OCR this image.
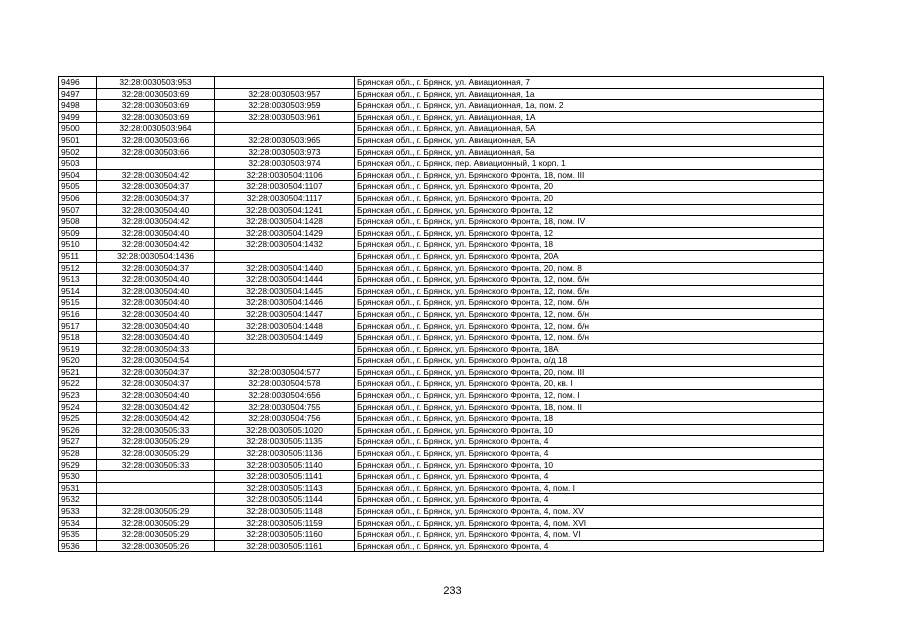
9496	32:28:0030503:953		Брянская обл., г. Брянск, ул. Авиационная, 7
9497	32:28:0030503:69	32:28:0030503:957	Брянская обл., г. Брянск, ул. Авиационная, 1а
9498	32:28:0030503:69	32:28:0030503:959	Брянская обл., г. Брянск, ул. Авиационная, 1а, пом. 2
9499	32:28:0030503:69	32:28:0030503:961	Брянская обл., г. Брянск, ул. Авиационная, 1А
9500	32:28:0030503:964		Брянская обл., г. Брянск, ул. Авиационная, 5А
9501	32:28:0030503:66	32:28:0030503:965	Брянская обл., г. Брянск, ул. Авиационная, 5А
9502	32:28:0030503:66	32:28:0030503:973	Брянская обл., г. Брянск, ул. Авиационная, 5а
9503		32:28:0030503:974	Брянская обл., г. Брянск, пер. Авиационный, 1 корп. 1
9504	32:28:0030504:42	32:28:0030504:1106	Брянская обл., г. Брянск, ул. Брянского Фронта, 18, пом. III
9505	32:28:0030504:37	32:28:0030504:1107	Брянская обл., г. Брянск, ул. Брянского Фронта, 20
9506	32:28:0030504:37	32:28:0030504:1117	Брянская обл., г. Брянск, ул. Брянского Фронта, 20
9507	32:28:0030504:40	32:28:0030504:1241	Брянская обл., г. Брянск, ул. Брянского Фронта, 12
9508	32:28:0030504:42	32:28:0030504:1428	Брянская обл., г. Брянск, ул. Брянского Фронта, 18, пом. IV
9509	32:28:0030504:40	32:28:0030504:1429	Брянская обл., г. Брянск, ул. Брянского Фронта, 12
9510	32:28:0030504:42	32:28:0030504:1432	Брянская обл., г. Брянск, ул. Брянского Фронта, 18
9511	32:28:0030504:1436		Брянская обл., г. Брянск, ул. Брянского Фронта, 20А
9512	32:28:0030504:37	32:28:0030504:1440	Брянская обл., г. Брянск, ул. Брянского Фронта, 20, пом. 8
9513	32:28:0030504:40	32:28:0030504:1444	Брянская обл., г. Брянск, ул. Брянского Фронта, 12, пом. б/н
9514	32:28:0030504:40	32:28:0030504:1445	Брянская обл., г. Брянск, ул. Брянского Фронта, 12, пом. б/н
9515	32:28:0030504:40	32:28:0030504:1446	Брянская обл., г. Брянск, ул. Брянского Фронта, 12, пом. б/н
9516	32:28:0030504:40	32:28:0030504:1447	Брянская обл., г. Брянск, ул. Брянского Фронта, 12, пом. б/н
9517	32:28:0030504:40	32:28:0030504:1448	Брянская обл., г. Брянск, ул. Брянского Фронта, 12, пом. б/н
9518	32:28:0030504:40	32:28:0030504:1449	Брянская обл., г. Брянск, ул. Брянского Фронта, 12, пом. б/н
9519	32:28:0030504:33		Брянская обл., г. Брянск, ул. Брянского Фронта, 18А
9520	32:28:0030504:54		Брянская обл., г. Брянск, ул. Брянского Фронта, о/д 18
9521	32:28:0030504:37	32:28:0030504:577	Брянская обл., г. Брянск, ул. Брянского Фронта, 20, пом. III
9522	32:28:0030504:37	32:28:0030504:578	Брянская обл., г. Брянск, ул. Брянского Фронта, 20, кв. I
9523	32:28:0030504:40	32:28:0030504:656	Брянская обл., г. Брянск, ул. Брянского Фронта, 12, пом. I
9524	32:28:0030504:42	32:28:0030504:755	Брянская обл., г. Брянск, ул. Брянского Фронта, 18, пом. II
9525	32:28:0030504:42	32:28:0030504:756	Брянская обл., г. Брянск, ул. Брянского Фронта, 18
9526	32:28:0030505:33	32:28:0030505:1020	Брянская обл., г. Брянск, ул. Брянского Фронта, 10
9527	32:28:0030505:29	32:28:0030505:1135	Брянская обл., г. Брянск, ул. Брянского Фронта, 4
9528	32:28:0030505:29	32:28:0030505:1136	Брянская обл., г. Брянск, ул. Брянского Фронта, 4
9529	32:28:0030505:33	32:28:0030505:1140	Брянская обл., г. Брянск, ул. Брянского Фронта, 10
9530		32:28:0030505:1141	Брянская обл., г. Брянск, ул. Брянского Фронта, 4
9531		32:28:0030505:1143	Брянская обл., г. Брянск, ул. Брянского Фронта, 4, пом. I
9532		32:28:0030505:1144	Брянская обл., г. Брянск, ул. Брянского Фронта, 4
9533	32:28:0030505:29	32:28:0030505:1148	Брянская обл., г. Брянск, ул. Брянского Фронта, 4, пом. XV
9534	32:28:0030505:29	32:28:0030505:1159	Брянская обл., г. Брянск, ул. Брянского Фронта, 4, пом. XVI
9535	32:28:0030505:29	32:28:0030505:1160	Брянская обл., г. Брянск, ул. Брянского Фронта, 4, пом. VI
9536	32:28:0030505:26	32:28:0030505:1161	Брянская обл., г. Брянск, ул. Брянского Фронта, 4
233
